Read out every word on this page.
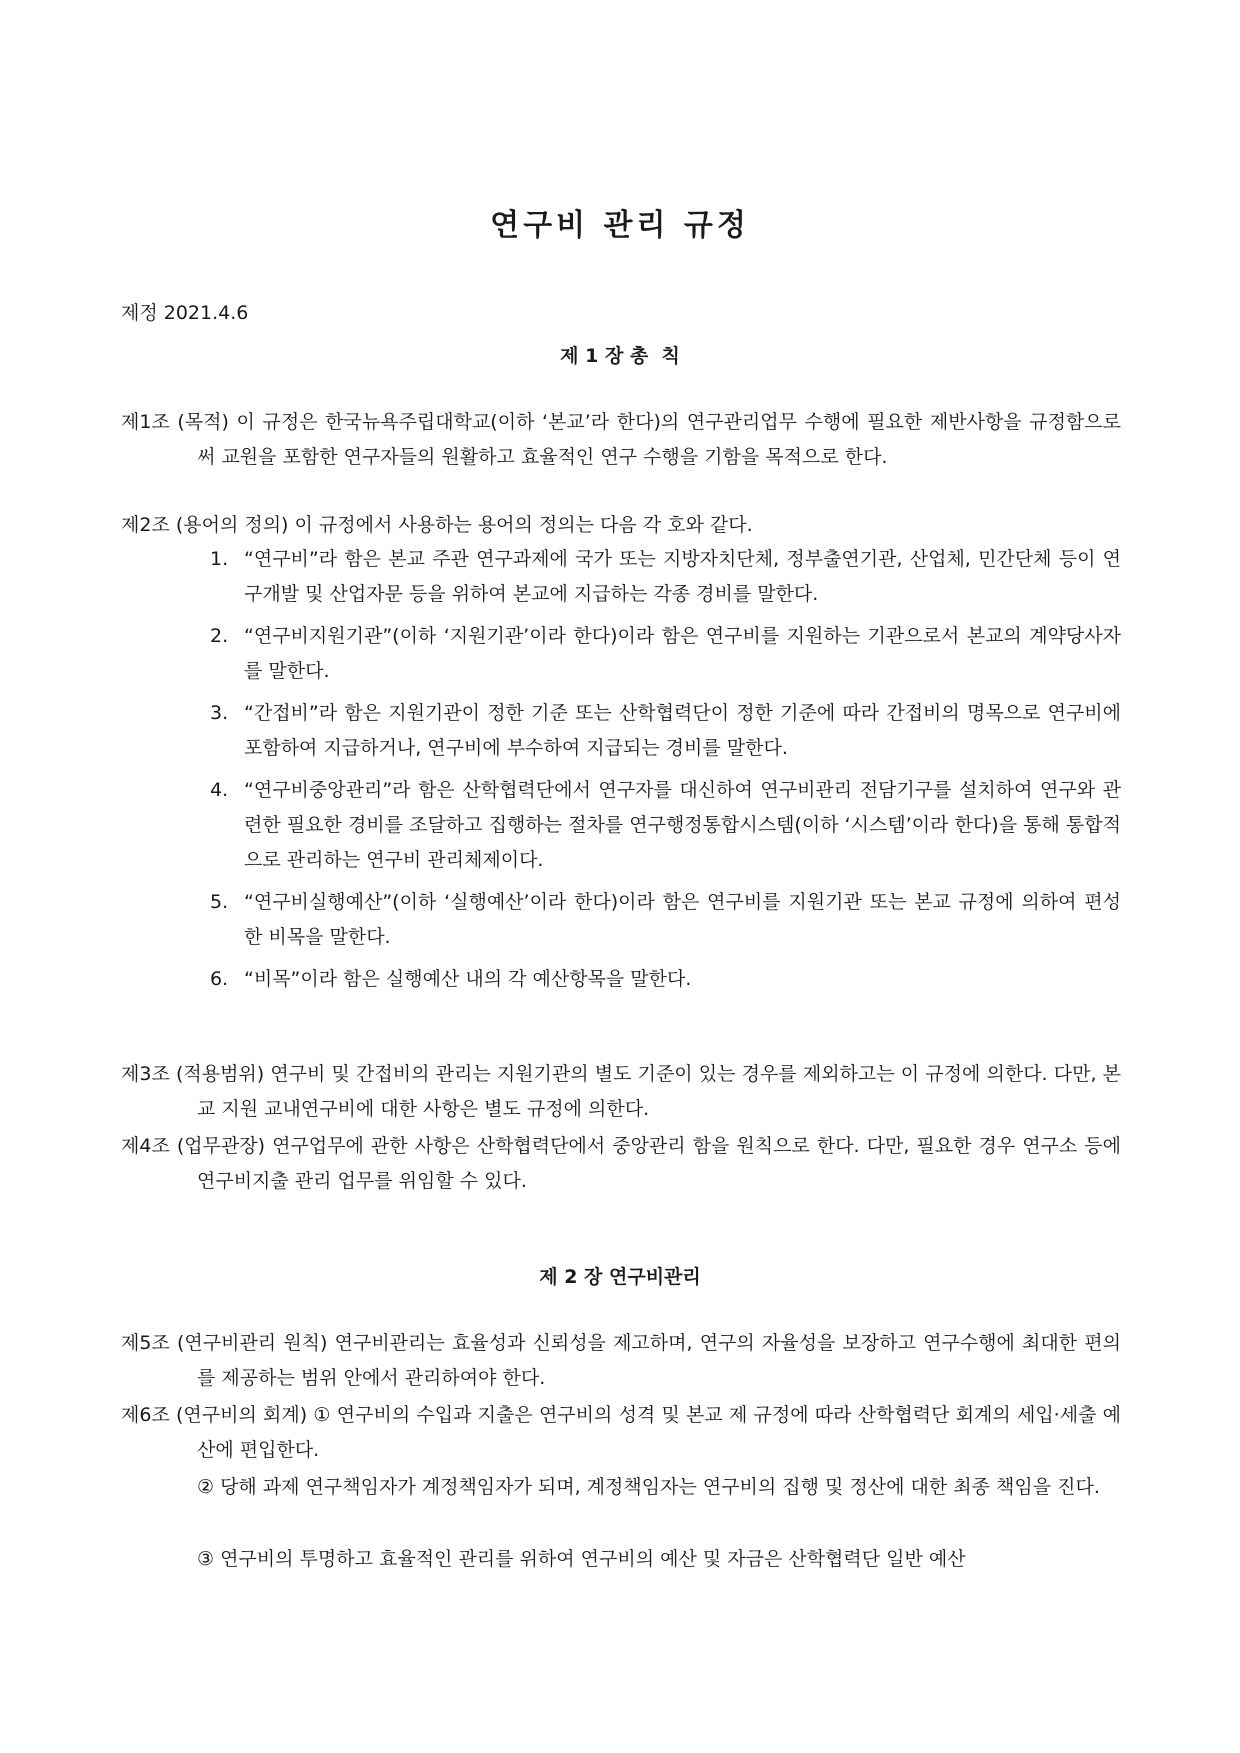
연구비 관리 규정
제정 2021.4.6
제 1 장 총  칙

제1조 (목적) 이 규정은 한국뉴욕주립대학교(이하 ‘본교’라 한다)의 연구관리업무 수행에 필요한 제반사항을 규정함으로써 교원을 포함한 연구자들의 원활하고 효율적인 연구 수행을 기함을 목적으로 한다.

제2조 (용어의 정의) 이 규정에서 사용하는 용어의 정의는 다음 각 호와 같다.

1. “연구비”라 함은 본교 주관 연구과제에 국가 또는 지방자치단체, 정부출연기관, 산업체, 민간단체 등이 연구개발 및 산업자문 등을 위하여 본교에 지급하는 각종 경비를 말한다.
2. “연구비지원기관”(이하 ‘지원기관’이라 한다)이라 함은 연구비를 지원하는 기관으로서 본교의 계약당사자를 말한다.
3. “간접비”라 함은 지원기관이 정한 기준 또는 산학협력단이 정한 기준에 따라 간접비의 명목으로 연구비에 포함하여 지급하거나, 연구비에 부수하여 지급되는 경비를 말한다.
4. “연구비중앙관리”라 함은 산학협력단에서 연구자를 대신하여 연구비관리 전담기구를 설치하여 연구와 관련한 필요한 경비를 조달하고 집행하는 절차를 연구행정통합시스템(이하 ‘시스템’이라 한다)을 통해 통합적으로 관리하는 연구비 관리체제이다.
5. “연구비실행예산”(이하 ‘실행예산’이라 한다)이라 함은 연구비를 지원기관 또는 본교 규정에 의하여 편성한 비목을 말한다.
6. “비목”이라 함은 실행예산 내의 각 예산항목을 말한다.

제3조 (적용범위) 연구비 및 간접비의 관리는 지원기관의 별도 기준이 있는 경우를 제외하고는 이 규정에 의한다. 다만, 본교 지원 교내연구비에 대한 사항은 별도 규정에 의한다.

제4조 (업무관장) 연구업무에 관한 사항은 산학협력단에서 중앙관리 함을 원칙으로 한다. 다만, 필요한 경우 연구소 등에 연구비지출 관리 업무를 위임할 수 있다.

제 2 장 연구비관리

제5조 (연구비관리 원칙) 연구비관리는 효율성과 신뢰성을 제고하며, 연구의 자율성을 보장하고 연구수행에 최대한 편의를 제공하는 범위 안에서 관리하여야 한다.

제6조 (연구비의 회계) ① 연구비의 수입과 지출은 연구비의 성격 및 본교 제 규정에 따라 산학협력단 회계의 세입·세출 예산에 편입한다.

② 당해 과제 연구책임자가 계정책임자가 되며, 계정책임자는 연구비의 집행 및 정산에 대한 최종 책임을 진다.

③ 연구비의 투명하고 효율적인 관리를 위하여 연구비의 예산 및 자금은 산학협력단 일반 예산
